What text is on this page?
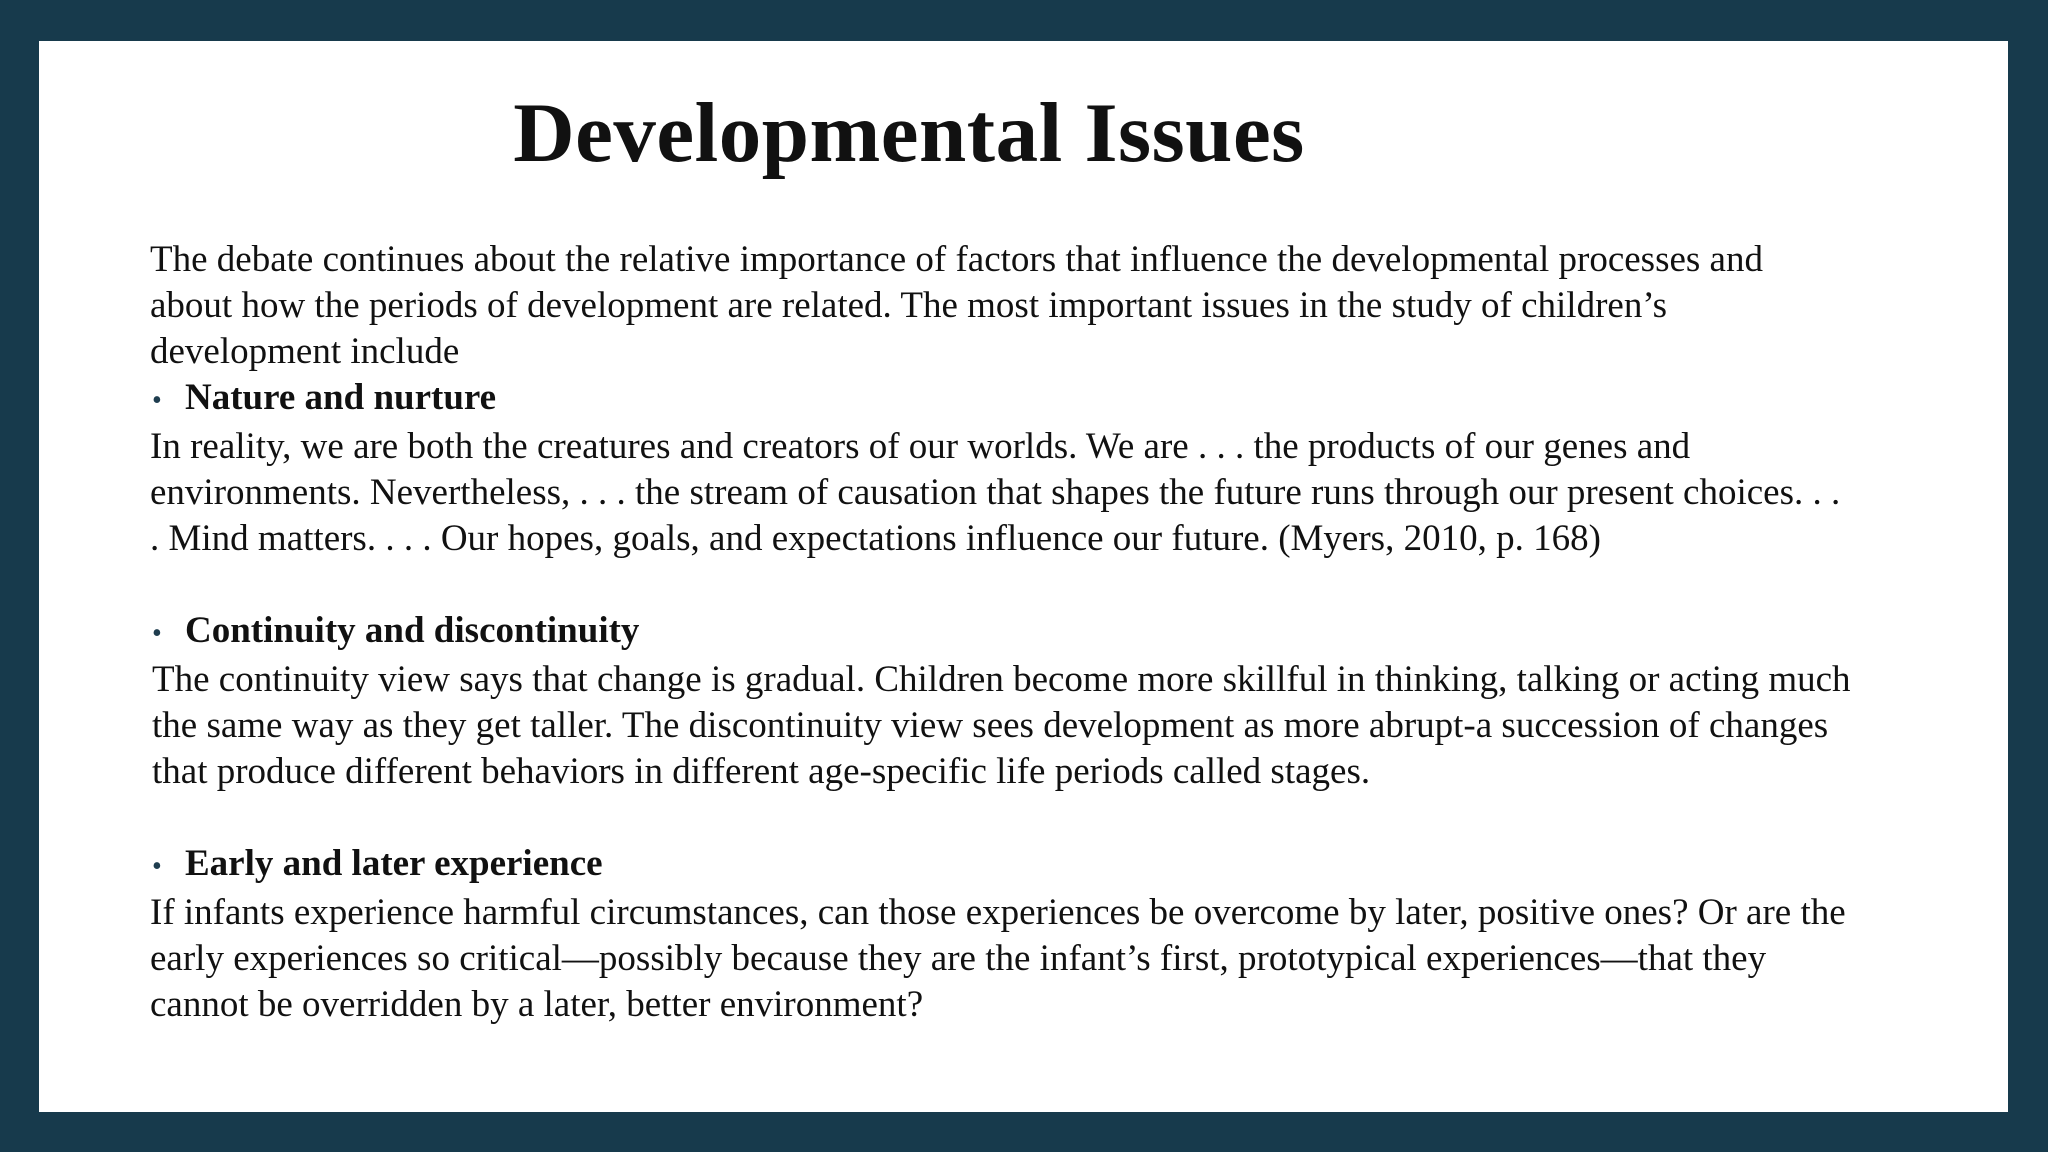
Developmental Issues

The debate continues about the relative importance of factors that influence the developmental processes and
about how the periods of development are related. The most important issues in the study of children’s
development include

• Nature and nurture

In reality, we are both the creatures and creators of our worlds. We are . . . the products of our genes and
environments. Nevertheless, . . . the stream of causation that shapes the future runs through our present choices. . .
. Mind matters. . . . Our hopes, goals, and expectations influence our future. (Myers, 2010, p. 168)

• Continuity and discontinuity

The continuity view says that change is gradual. Children become more skillful in thinking, talking or acting much
the same way as they get taller. The discontinuity view sees development as more abrupt-a succession of changes
that produce different behaviors in different age-specific life periods called stages.

• Early and later experience

If infants experience harmful circumstances, can those experiences be overcome by later, positive ones? Or are the
early experiences so critical—possibly because they are the infant’s first, prototypical experiences—that they
cannot be overridden by a later, better environment?
